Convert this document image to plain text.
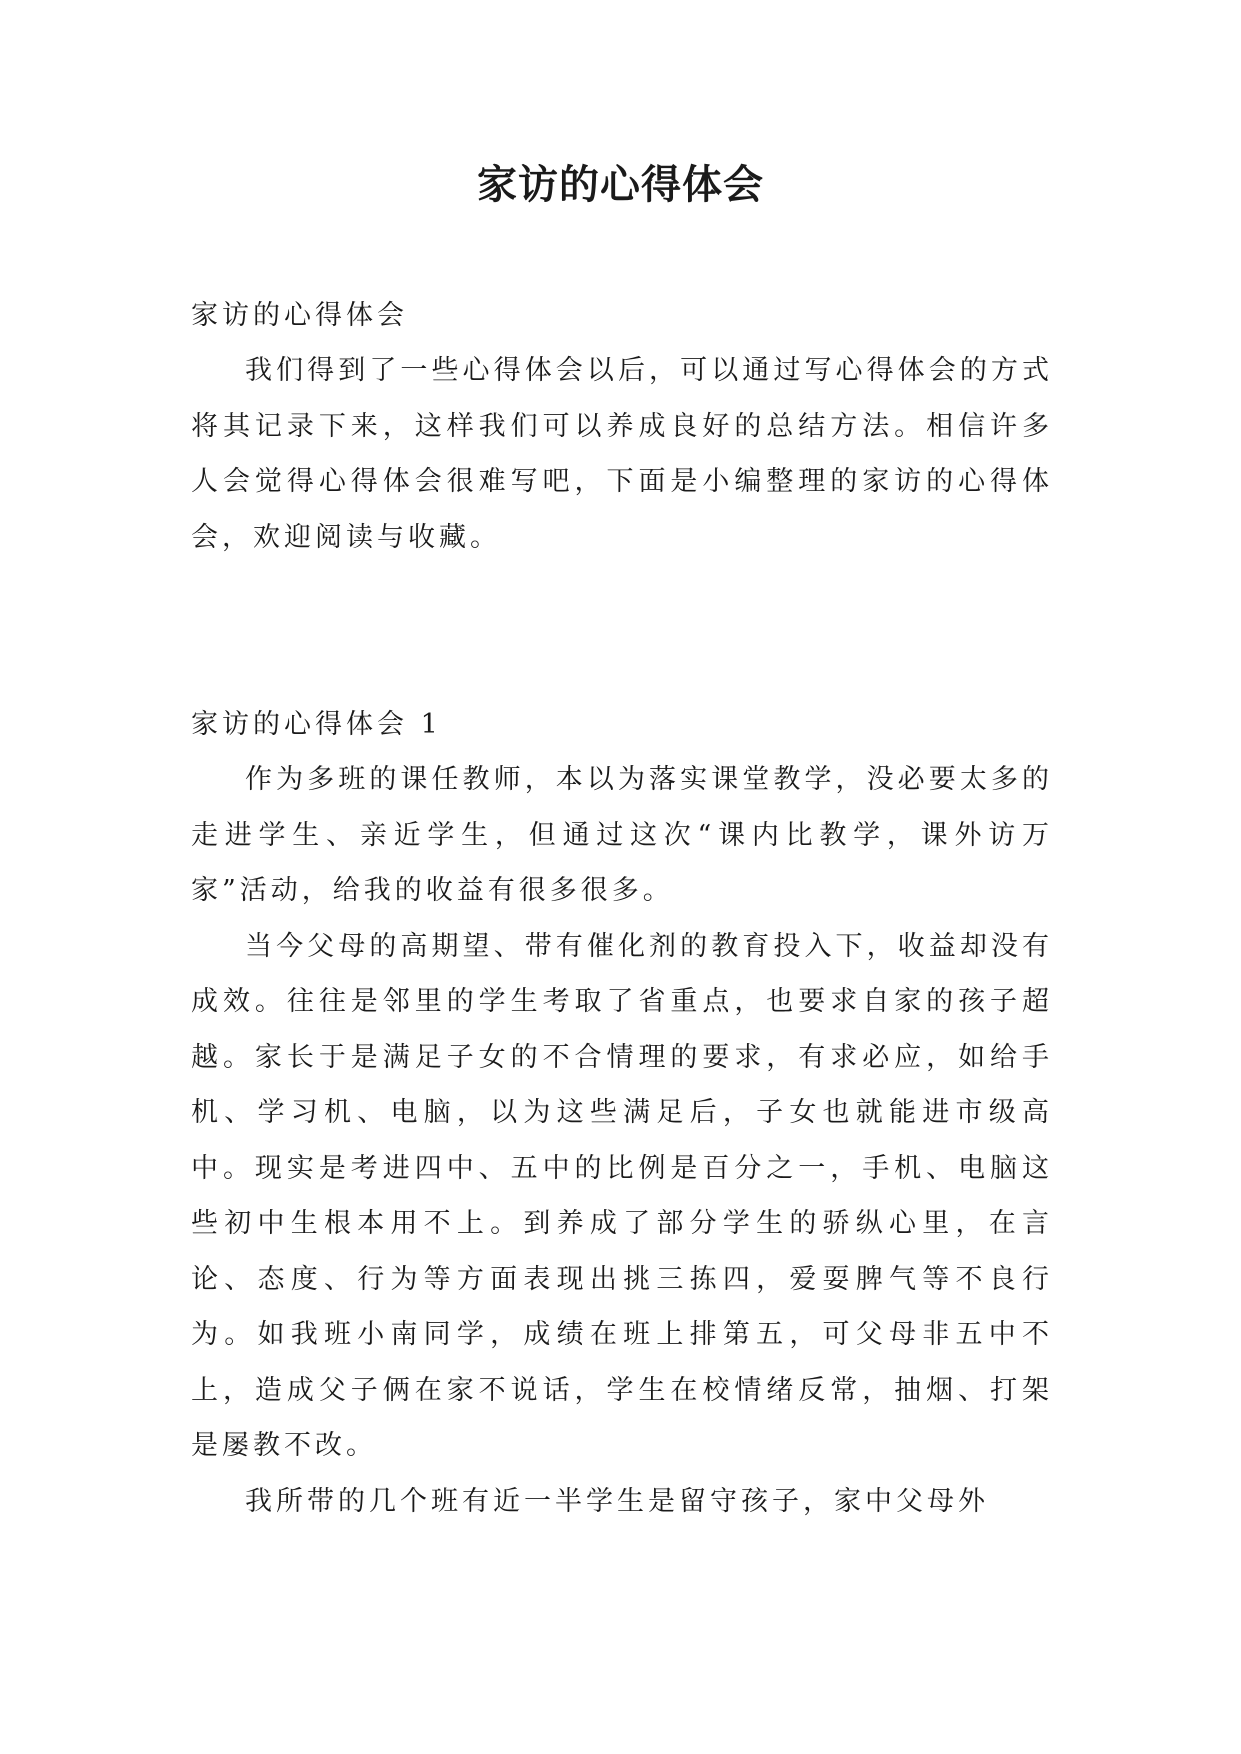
家访的心得体会
家访的心得体会

我们得到了一些心得体会以后，可以通过写心得体会的方式将其记录下来，这样我们可以养成良好的总结方法。相信许多人会觉得心得体会很难写吧，下面是小编整理的家访的心得体会，欢迎阅读与收藏。

家访的心得体会 1

作为多班的课任教师，本以为落实课堂教学，没必要太多的走进学生、亲近学生，但通过这次“课内比教学，课外访万家”活动，给我的收益有很多很多。

当今父母的高期望、带有催化剂的教育投入下，收益却没有成效。往往是邻里的学生考取了省重点，也要求自家的孩子超越。家长于是满足子女的不合情理的要求，有求必应，如给手机、学习机、电脑，以为这些满足后，子女也就能进市级高中。现实是考进四中、五中的比例是百分之一，手机、电脑这些初中生根本用不上。到养成了部分学生的骄纵心里，在言论、态度、行为等方面表现出挑三拣四，爱耍脾气等不良行为。如我班小南同学，成绩在班上排第五，可父母非五中不上，造成父子俩在家不说话，学生在校情绪反常，抽烟、打架是屡教不改。

我所带的几个班有近一半学生是留守孩子，家中父母外
